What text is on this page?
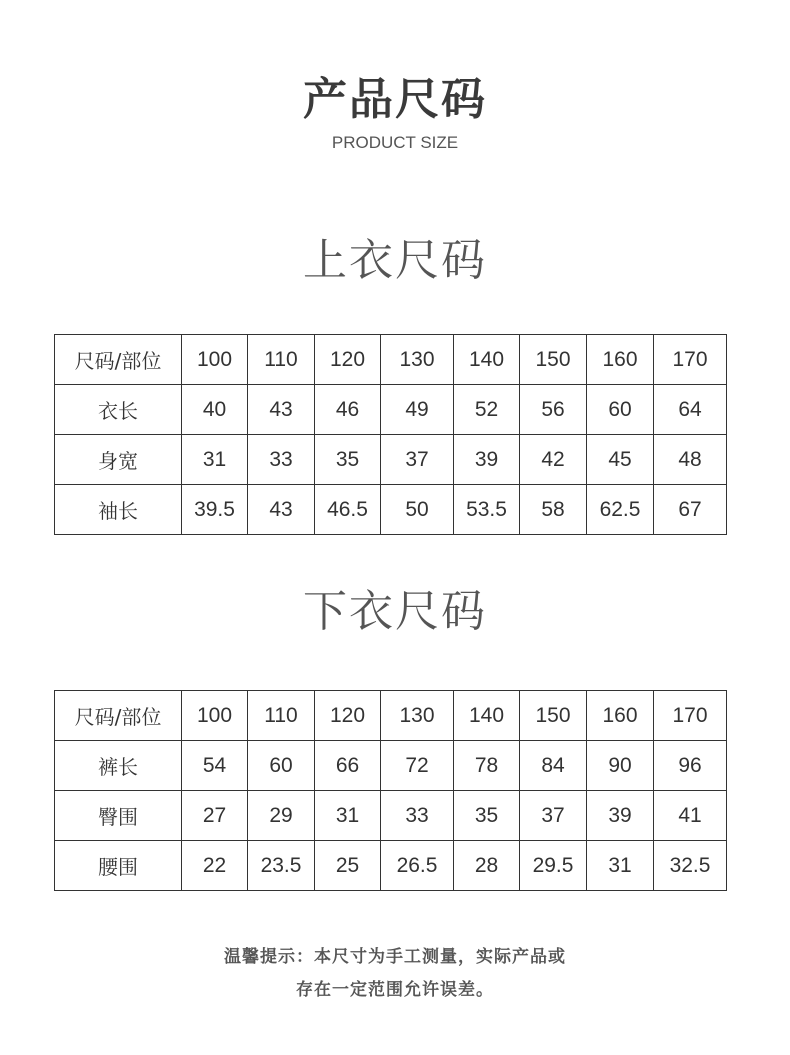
产品尺码
PRODUCT SIZE
上衣尺码
尺码/部位	100	110	120	130	140	150	160	170
衣长	40	43	46	49	52	56	60	64
身宽	31	33	35	37	39	42	45	48
袖长	39.5	43	46.5	50	53.5	58	62.5	67
下衣尺码
尺码/部位	100	110	120	130	140	150	160	170
裤长	54	60	66	72	78	84	90	96
臀围	27	29	31	33	35	37	39	41
腰围	22	23.5	25	26.5	28	29.5	31	32.5
温馨提示：本尺寸为手工测量，实际产品或
存在一定范围允许误差。
